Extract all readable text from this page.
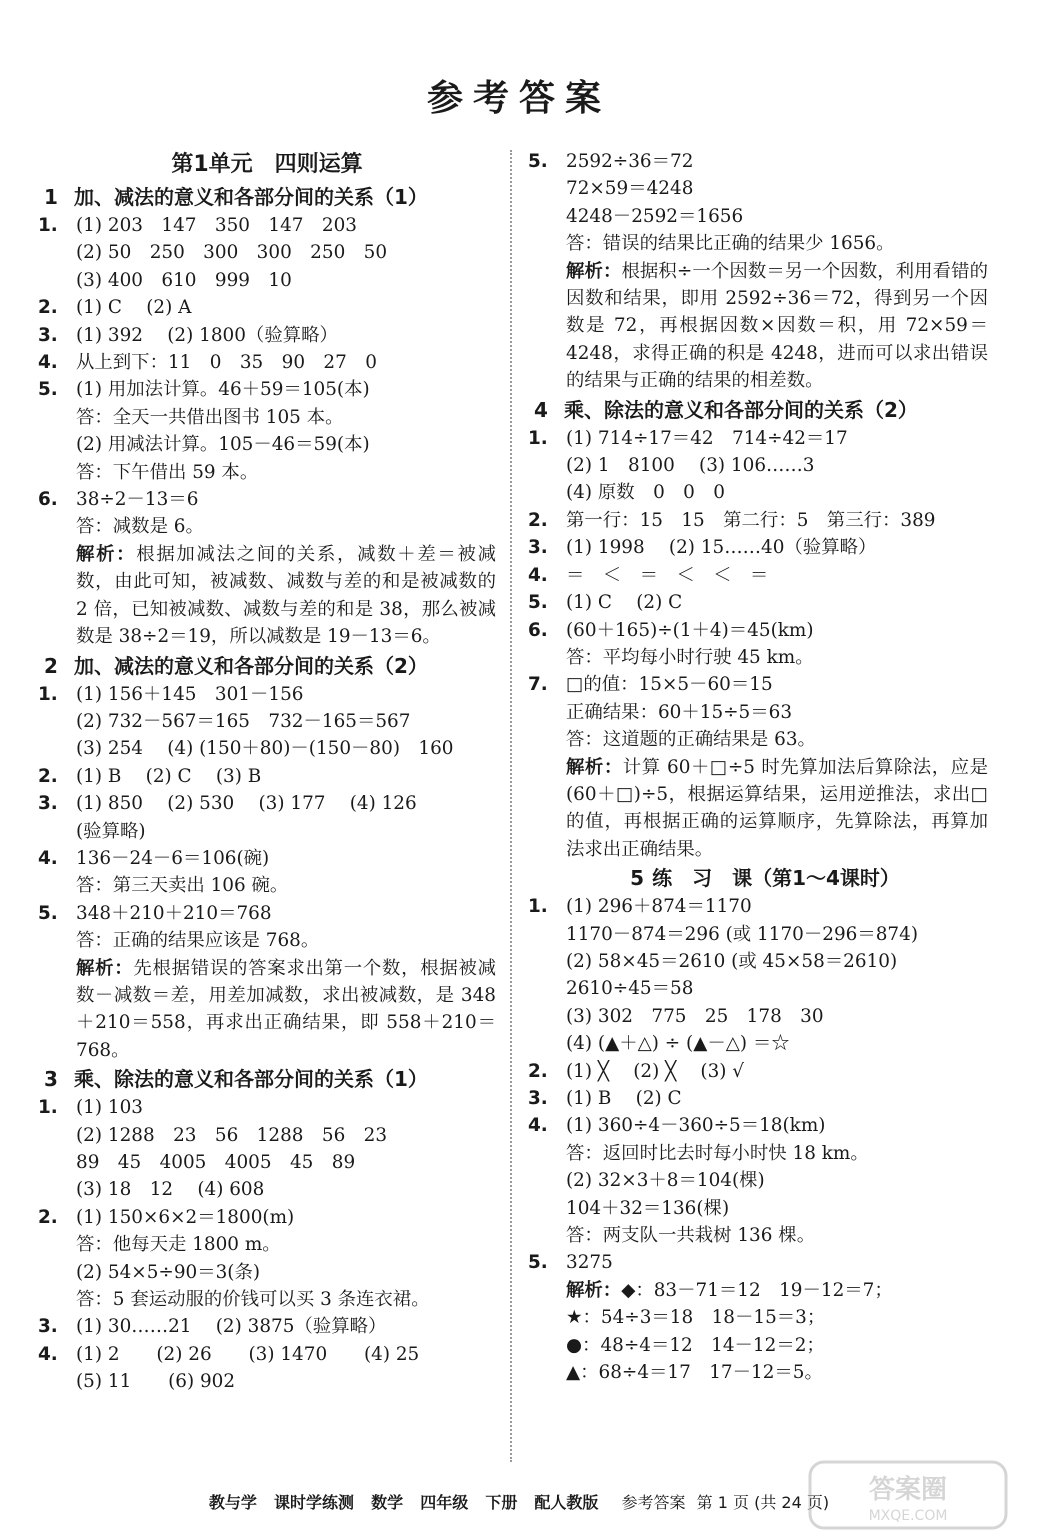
参考答案
第1单元　四则运算
1 加、减法的意义和各部分间的关系（1）
1. (1) 203　147　350　147　203
(2) 50　250　300　300　250　50
(3) 400　610　999　10
2. (1) C　 (2) A
3. (1) 392　 (2) 1800（验算略）
4. 从上到下：11　0　35　90　27　0
5. (1) 用加法计算。46＋59＝105(本)
答：全天一共借出图书 105 本。
(2) 用减法计算。105－46＝59(本)
答：下午借出 59 本。
6. 38÷2－13＝6
答：减数是 6。
解析：根据加减法之间的关系，减数＋差＝被减数，由此可知，被减数、减数与差的和是被减数的 2 倍，已知被减数、减数与差的和是 38，那么被减数是 38÷2＝19，所以减数是 19－13＝6。
2 加、减法的意义和各部分间的关系（2）
1. (1) 156＋145　301－156
(2) 732－567＝165　732－165＝567
(3) 254　 (4) (150＋80)－(150－80)　160
2. (1) B　 (2) C　 (3) B
3. (1) 850　 (2) 530　 (3) 177　 (4) 126
(验算略)
4. 136－24－6＝106(碗)
答：第三天卖出 106 碗。
5. 348＋210＋210＝768
答：正确的结果应该是 768。
解析：先根据错误的答案求出第一个数，根据被减数－减数＝差，用差加减数，求出被减数，是 348＋210＝558，再求出正确结果，即 558＋210＝768。
3 乘、除法的意义和各部分间的关系（1）
1. (1) 103
(2) 1288　23　56　1288　56　23
89　45　4005　4005　45　89
(3) 18　12　 (4) 608
2. (1) 150×6×2＝1800(m)
答：他每天走 1800 m。
(2) 54×5÷90＝3(条)
答：5 套运动服的价钱可以买 3 条连衣裙。
3. (1) 30……21　 (2) 3875（验算略）
4. (1) 2　　(2) 26　　(3) 1470　　(4) 25
(5) 11　　(6) 902
5. 2592÷36＝72
72×59＝4248
4248－2592＝1656
答：错误的结果比正确的结果少 1656。
解析：根据积÷一个因数＝另一个因数，利用看错的因数和结果，即用 2592÷36＝72，得到另一个因数是 72，再根据因数×因数＝积，用 72×59＝4248，求得正确的积是 4248，进而可以求出错误的结果与正确的结果的相差数。
4 乘、除法的意义和各部分间的关系（2）
1. (1) 714÷17＝42　714÷42＝17
(2) 1　8100　 (3) 106……3
(4) 原数　0　0　0
2. 第一行：15　15　第二行：5　第三行：389
3. (1) 1998　 (2) 15……40（验算略）
4. ＝　＜　＝　＜　＜　＝
5. (1) C　 (2) C
6. (60＋165)÷(1＋4)＝45(km)
答：平均每小时行驶 45 km。
7. □的值：15×5－60＝15
正确结果：60＋15÷5＝63
答：这道题的正确结果是 63。
解析：计算 60＋□÷5 时先算加法后算除法，应是(60＋□)÷5，根据运算结果，运用逆推法，求出□的值，再根据正确的运算顺序，先算除法，再算加法求出正确结果。
5 练　习　课（第1～4课时）
1. (1) 296＋874＝1170
1170－874＝296 (或 1170－296＝874)
(2) 58×45＝2610 (或 45×58＝2610)
2610÷45＝58
(3) 302　775　25　178　30
(4) (▲＋△) ÷ (▲－△) ＝☆
2. (1) ╳　 (2) ╳　 (3) √
3. (1) B　 (2) C
4. (1) 360÷4－360÷5＝18(km)
答：返回时比去时每小时快 18 km。
(2) 32×3＋8＝104(棵)
104＋32＝136(棵)
答：两支队一共栽树 136 棵。
5. 3275
解析：◆：83－71＝12　19－12＝7；
★：54÷3＝18　18－15＝3；
●：48÷4＝12　14－12＝2；
▲：68÷4＝17　17－12＝5。
教与学 课时学练测 数学 四年级 下册 配人教版 参考答案 第 1 页 (共 24 页)	答案圈
MXQE.COM
